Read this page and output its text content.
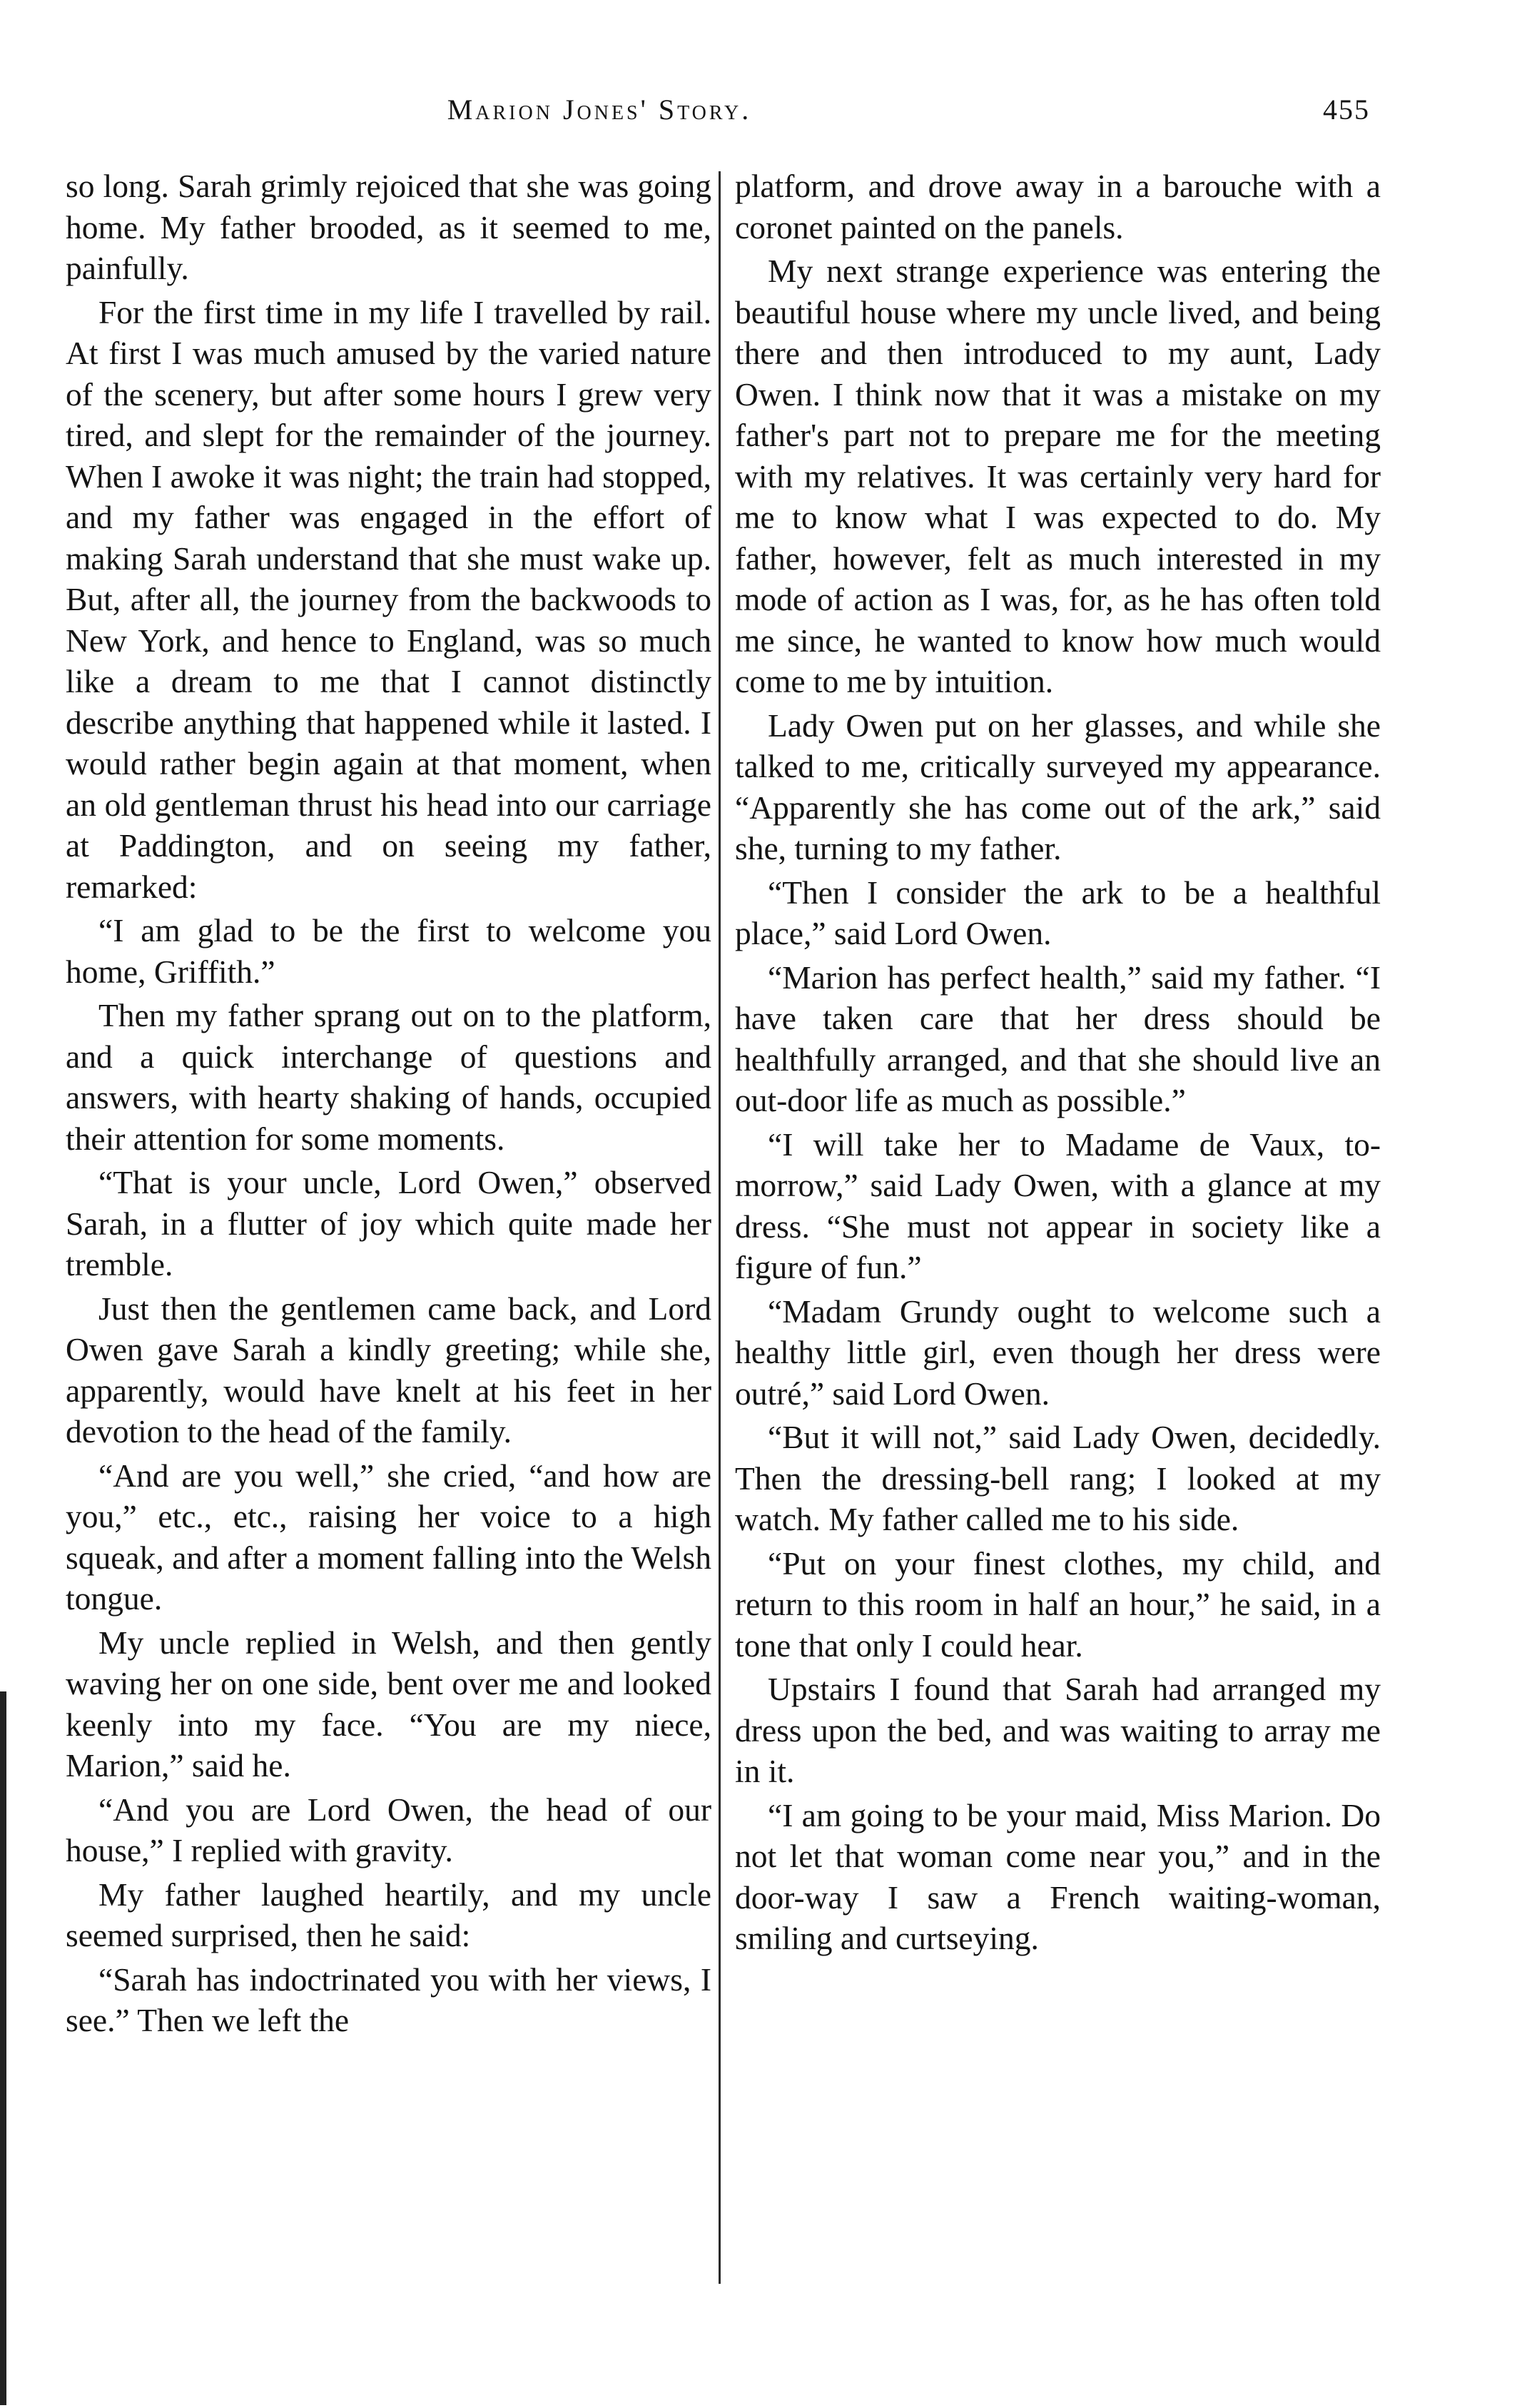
Marion Jones' Story.	455

so long. Sarah grimly rejoiced that she was going home. My father brooded, as it seemed to me, painfully.

For the first time in my life I travelled by rail. At first I was much amused by the varied nature of the scenery, but after some hours I grew very tired, and slept for the remainder of the journey. When I awoke it was night; the train had stopped, and my father was engaged in the effort of making Sarah understand that she must wake up. But, after all, the journey from the backwoods to New York, and hence to England, was so much like a dream to me that I cannot distinctly describe anything that happened while it lasted. I would rather begin again at that moment, when an old gentleman thrust his head into our carriage at Paddington, and on seeing my father, remarked:

“I am glad to be the first to welcome you home, Griffith.”

Then my father sprang out on to the platform, and a quick interchange of questions and answers, with hearty shaking of hands, occupied their attention for some moments.

“That is your uncle, Lord Owen,” observed Sarah, in a flutter of joy which quite made her tremble.

Just then the gentlemen came back, and Lord Owen gave Sarah a kindly greeting; while she, apparently, would have knelt at his feet in her devotion to the head of the family.

“And are you well,” she cried, “and how are you,” etc., etc., raising her voice to a high squeak, and after a moment falling into the Welsh tongue.

My uncle replied in Welsh, and then gently waving her on one side, bent over me and looked keenly into my face. “You are my niece, Marion,” said he.

“And you are Lord Owen, the head of our house,” I replied with gravity.

My father laughed heartily, and my uncle seemed surprised, then he said:

“Sarah has indoctrinated you with her views, I see.” Then we left the

platform, and drove away in a barouche with a coronet painted on the panels.

My next strange experience was entering the beautiful house where my uncle lived, and being there and then introduced to my aunt, Lady Owen. I think now that it was a mistake on my father's part not to prepare me for the meeting with my relatives. It was certainly very hard for me to know what I was expected to do. My father, however, felt as much interested in my mode of action as I was, for, as he has often told me since, he wanted to know how much would come to me by intuition.

Lady Owen put on her glasses, and while she talked to me, critically surveyed my appearance. “Apparently she has come out of the ark,” said she, turning to my father.

“Then I consider the ark to be a healthful place,” said Lord Owen.

“Marion has perfect health,” said my father. “I have taken care that her dress should be healthfully arranged, and that she should live an out-door life as much as possible.”

“I will take her to Madame de Vaux, to-morrow,” said Lady Owen, with a glance at my dress. “She must not appear in society like a figure of fun.”

“Madam Grundy ought to welcome such a healthy little girl, even though her dress were outré,” said Lord Owen.

“But it will not,” said Lady Owen, decidedly. Then the dressing-bell rang; I looked at my watch. My father called me to his side.

“Put on your finest clothes, my child, and return to this room in half an hour,” he said, in a tone that only I could hear.

Upstairs I found that Sarah had arranged my dress upon the bed, and was waiting to array me in it.

“I am going to be your maid, Miss Marion. Do not let that woman come near you,” and in the door-way I saw a French waiting-woman, smiling and curtseying.
